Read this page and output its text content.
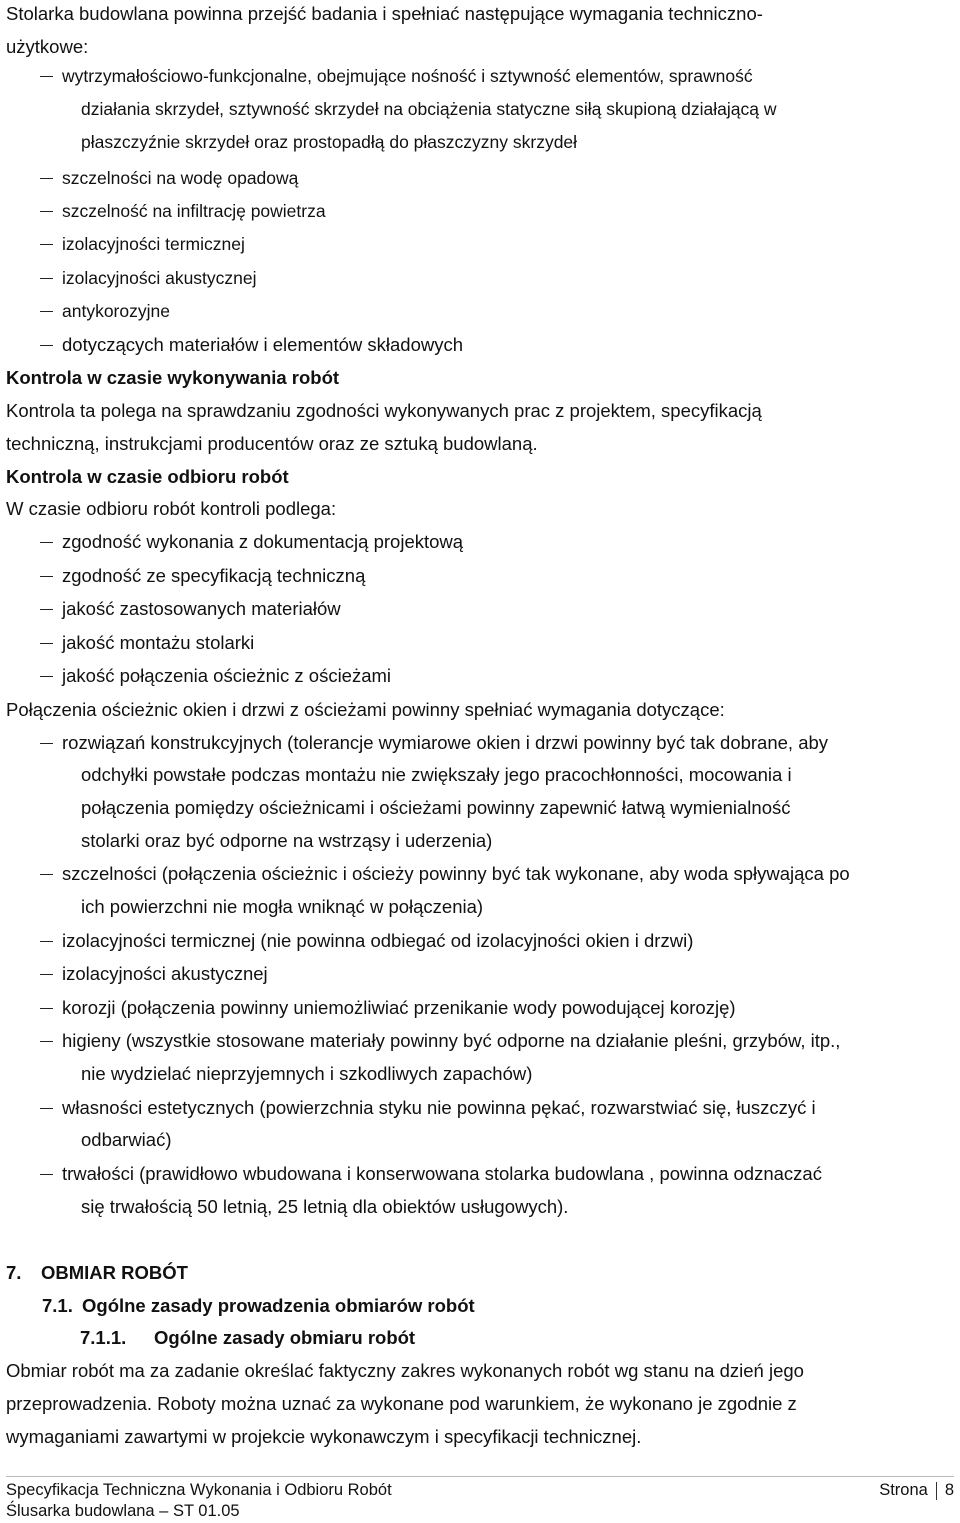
Stolarka budowlana powinna przejść badania i spełniać następujące wymagania techniczno-
użytkowe:
wytrzymałościowo-funkcjonalne, obejmujące nośność i sztywność elementów, sprawność
działania skrzydeł, sztywność skrzydeł na obciążenia statyczne siłą skupioną działającą w
płaszczyźnie skrzydeł oraz prostopadłą do płaszczyzny skrzydeł
szczelności na wodę opadową
szczelność na infiltrację powietrza
izolacyjności termicznej
izolacyjności akustycznej
antykorozyjne
dotyczących materiałów i elementów składowych
Kontrola w czasie wykonywania robót
Kontrola ta polega na sprawdzaniu zgodności wykonywanych prac z projektem, specyfikacją
techniczną, instrukcjami producentów oraz ze sztuką budowlaną.
Kontrola w czasie odbioru robót
W czasie odbioru robót kontroli podlega:
zgodność wykonania z dokumentacją projektową
zgodność ze specyfikacją techniczną
jakość zastosowanych materiałów
jakość montażu stolarki
jakość połączenia ościeżnic z ościeżami
Połączenia ościeżnic okien i drzwi z ościeżami powinny spełniać wymagania dotyczące:
rozwiązań konstrukcyjnych (tolerancje wymiarowe okien i drzwi powinny być tak dobrane, aby
odchyłki powstałe podczas montażu nie zwiększały jego pracochłonności, mocowania i
połączenia pomiędzy ościeżnicami i ościeżami powinny zapewnić łatwą wymienialność
stolarki oraz być odporne na wstrząsy i uderzenia)
szczelności (połączenia ościeżnic i ościeży powinny być tak wykonane, aby woda spływająca po
ich powierzchni nie mogła wniknąć w połączenia)
izolacyjności termicznej (nie powinna odbiegać od izolacyjności okien i drzwi)
izolacyjności akustycznej
korozji (połączenia powinny uniemożliwiać przenikanie wody powodującej korozję)
higieny (wszystkie stosowane materiały powinny być odporne na działanie pleśni, grzybów, itp.,
nie wydzielać nieprzyjemnych i szkodliwych zapachów)
własności estetycznych (powierzchnia styku nie powinna pękać, rozwarstwiać się, łuszczyć i
odbarwiać)
trwałości (prawidłowo wbudowana i konserwowana stolarka budowlana , powinna odznaczać
się trwałością 50 letnią, 25 letnią dla obiektów usługowych).
7. OBMIAR ROBÓT
7.1. Ogólne zasady prowadzenia obmiarów robót
7.1.1. Ogólne zasady obmiaru robót
Obmiar robót ma za zadanie określać faktyczny zakres wykonanych robót wg stanu na dzień jego
przeprowadzenia. Roboty można uznać za wykonane pod warunkiem, że wykonano je zgodnie z
wymaganiami zawartymi w projekcie wykonawczym i specyfikacji technicznej.
Specyfikacja Techniczna Wykonania i Odbioru Robót
Ślusarka budowlana – ST 01.05
Strona 8
